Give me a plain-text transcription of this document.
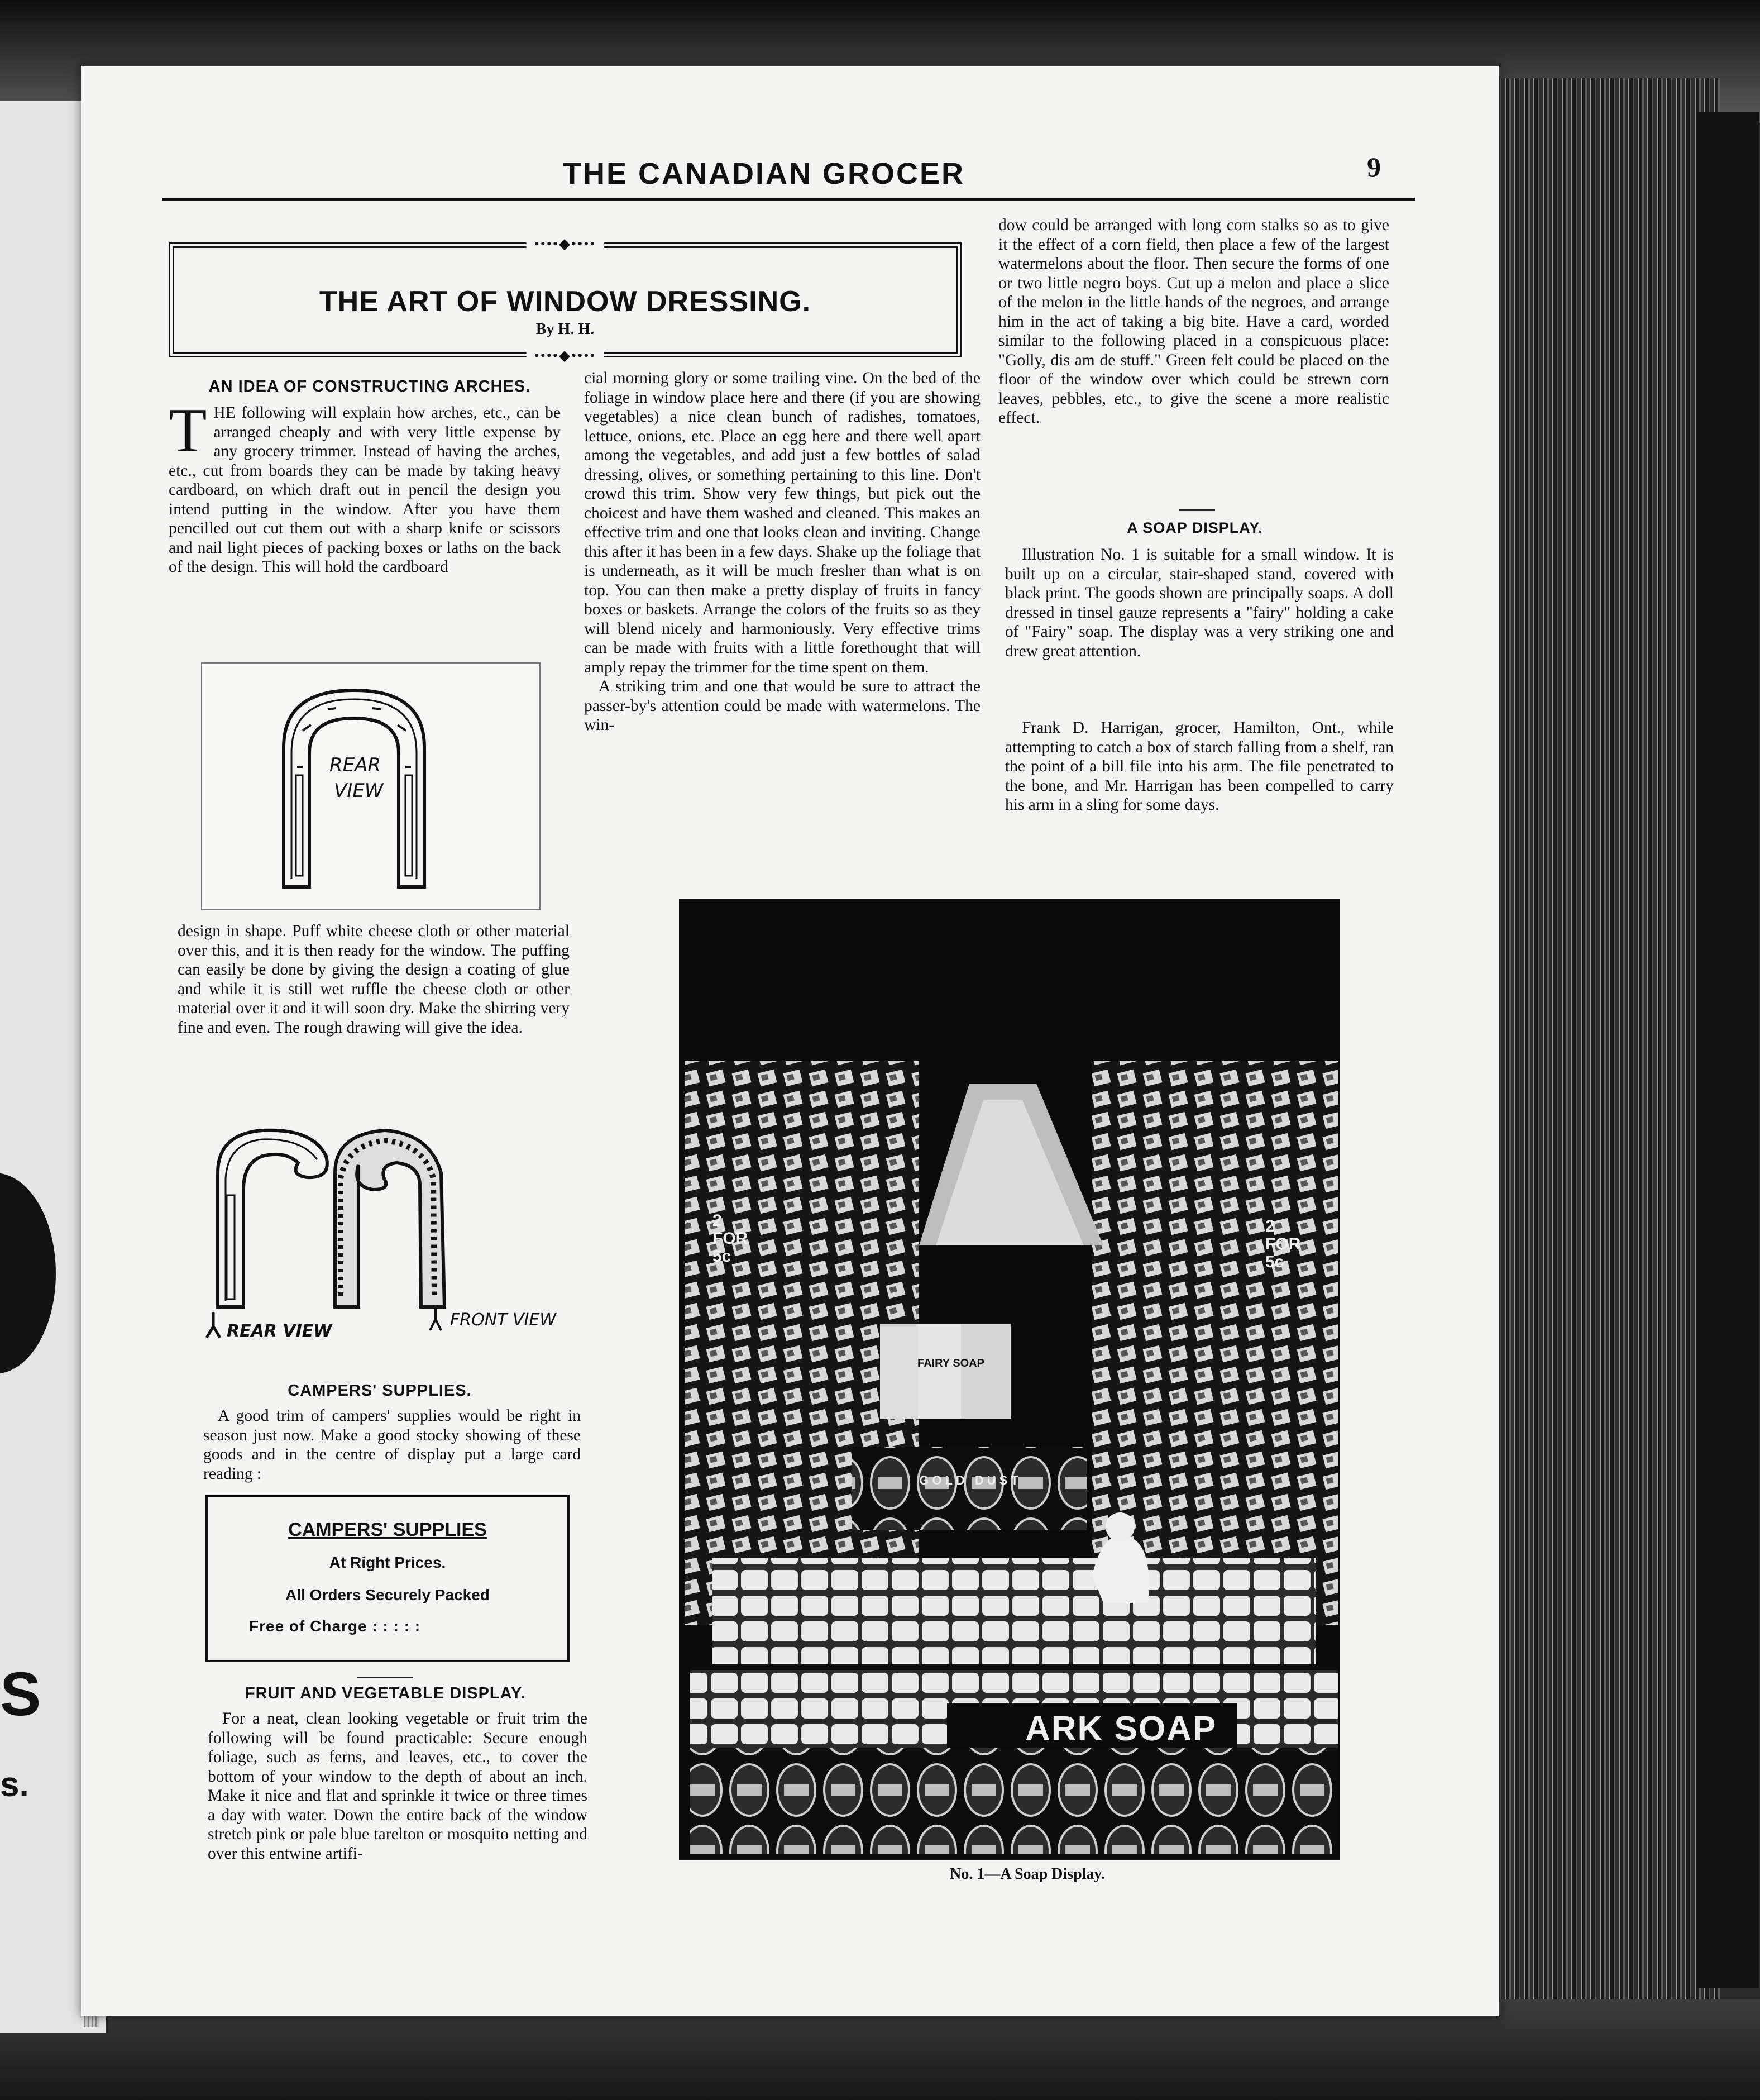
S
s.
THE CANADIAN GROCER	9
••••◆••••
THE ART OF WINDOW DRESSING.
By H. H.
••••◆••••
AN IDEA OF CONSTRUCTING ARCHES.

THE following will explain how arches, etc., can be arranged cheaply and with very little expense by any grocery trimmer. Instead of having the arches, etc., cut from boards they can be made by taking heavy cardboard, on which draft out in pencil the design you intend putting in the window. After you have them pencilled out cut them out with a sharp knife or scissors and nail light pieces of packing boxes or laths on the back of the design. This will hold the cardboard

REAR
VIEW

design in shape. Puff white cheese cloth or other material over this, and it is then ready for the window. The puffing can easily be done by giving the design a coating of glue and while it is still wet ruffle the cheese cloth or other material over it and it will soon dry. Make the shirring very fine and even. The rough drawing will give the idea.

REAR VIEW
FRONT VIEW
CAMPERS' SUPPLIES.

A good trim of campers' supplies would be right in season just now. Make a good stocky showing of these goods and in the centre of display put a large card reading :

CAMPERS' SUPPLIES
At Right Prices.
All Orders Securely Packed
Free of Charge : : : : :
FRUIT AND VEGETABLE DISPLAY.

For a neat, clean looking vegetable or fruit trim the following will be found practicable: Secure enough foliage, such as ferns, and leaves, etc., to cover the bottom of your window to the depth of about an inch. Make it nice and flat and sprinkle it twice or three times a day with water. Down the entire back of the window stretch pink or pale blue tarelton or mosquito netting and over this entwine artifi-

cial morning glory or some trailing vine. On the bed of the foliage in window place here and there (if you are showing vegetables) a nice clean bunch of radishes, tomatoes, lettuce, onions, etc. Place an egg here and there well apart among the vegetables, and add just a few bottles of salad dressing, olives, or something pertaining to this line. Don't crowd this trim. Show very few things, but pick out the choicest and have them washed and cleaned. This makes an effective trim and one that looks clean and inviting. Change this after it has been in a few days. Shake up the foliage that is underneath, as it will be much fresher than what is on top. You can then make a pretty display of fruits in fancy boxes or baskets. Arrange the colors of the fruits so as they will blend nicely and harmoniously. Very effective trims can be made with fruits with a little forethought that will amply repay the trimmer for the time spent on them.

A striking trim and one that would be sure to attract the passer-by's attention could be made with watermelons. The win-

dow could be arranged with long corn stalks so as to give it the effect of a corn field, then place a few of the largest watermelons about the floor. Then secure the forms of one or two little negro boys. Cut up a melon and place a slice of the melon in the little hands of the negroes, and arrange him in the act of taking a big bite. Have a card, worded similar to the following placed in a conspicuous place: "Golly, dis am de stuff." Green felt could be placed on the floor of the window over which could be strewn corn leaves, pebbles, etc., to give the scene a more realistic effect.

A SOAP DISPLAY.

Illustration No. 1 is suitable for a small window. It is built up on a circular, stair-shaped stand, covered with black print. The goods shown are principally soaps. A doll dressed in tinsel gauze represents a "fairy" holding a cake of "Fairy" soap. The display was a very striking one and drew great attention.

Frank D. Harrigan, grocer, Hamilton, Ont., while attempting to catch a box of starch falling from a shelf, ran the point of a bill file into his arm. The file penetrated to the bone, and Mr. Harrigan has been compelled to carry his arm in a sling for some days.

ARK SOAP
2 FOR 5c
2 FOR 5c
GOLD DUST
FAIRY SOAP
No. 1—A Soap Display.
